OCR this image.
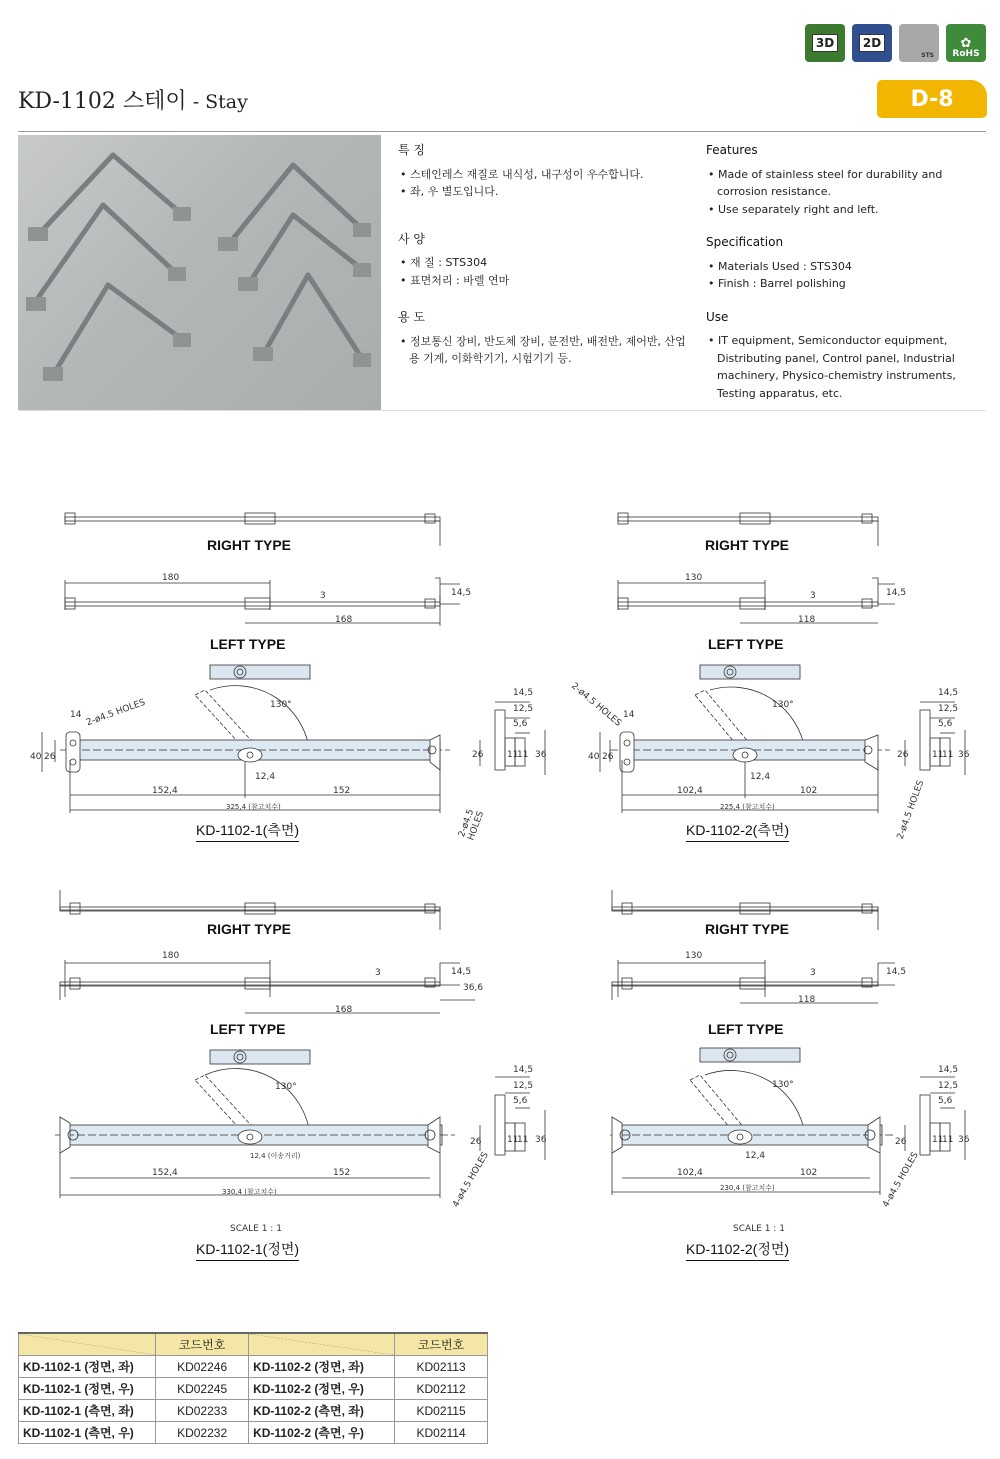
3D	2D
STS
✿
RoHS
KD-1102 스테이 - Stay	D-8
특 징
• 스테인레스 재질로 내식성, 내구성이 우수합니다.
• 좌, 우 별도입니다.
사 양
• 재 질 : STS304
• 표면처리 : 바렐 연마
용 도
• 정보통신 장비, 반도체 장비, 분전반, 배전반, 제어반, 산업용 기계, 이화학기기, 시험기기 등.
Features
• Made of stainless steel for durability and corrosion resistance.
• Use separately right and left.
Specification
• Materials Used : STS304
• Finish : Barrel polishing
Use
• IT equipment, Semiconductor equipment, Distributing panel, Control panel, Industrial machinery, Physico-chemistry instruments, Testing apparatus, etc.
RIGHT TYPE
LEFT TYPE
180
3
168
14,5
130°
2-ø4.5 HOLES
14
40 26
12,4
152,4	152
325,4 (참고치수)
2-ø4.5 HOLES
14,5
12,5
5,6
26	11
11 36
KD-1102-1(측면)
RIGHT TYPE
LEFT TYPE
130
3
118
14,5
130°
2-ø4.5 HOLES 14
40 26
12,4
102,4	102
225,4 (참고치수)	2-ø4.5 HOLES
14,5
12,5
5,6
26	11
11 36
KD-1102-2(측면)
RIGHT TYPE
LEFT TYPE
180
3
168
14,5
36,6
130°
12,4 (이송거리)
152,4	152
330,4 (참고치수)	4-ø4.5 HOLES
26
14,5
12,5
5,6
11
11 36
SCALE 1 : 1
KD-1102-1(정면)
RIGHT TYPE
LEFT TYPE
130
3
118
14,5
130°
12,4
102,4	102
230,4 (참고치수)	4-ø4.5 HOLES
26
14,5
12,5
5,6
11
11 36
SCALE 1 : 1
KD-1102-2(정면)
	코드번호		코드번호
KD-1102-1 (정면, 좌)	KD02246	KD-1102-2 (정면, 좌)	KD02113
KD-1102-1 (정면, 우)	KD02245	KD-1102-2 (정면, 우)	KD02112
KD-1102-1 (측면, 좌)	KD02233	KD-1102-2 (측면, 좌)	KD02115
KD-1102-1 (측면, 우)	KD02232	KD-1102-2 (측면, 우)	KD02114
